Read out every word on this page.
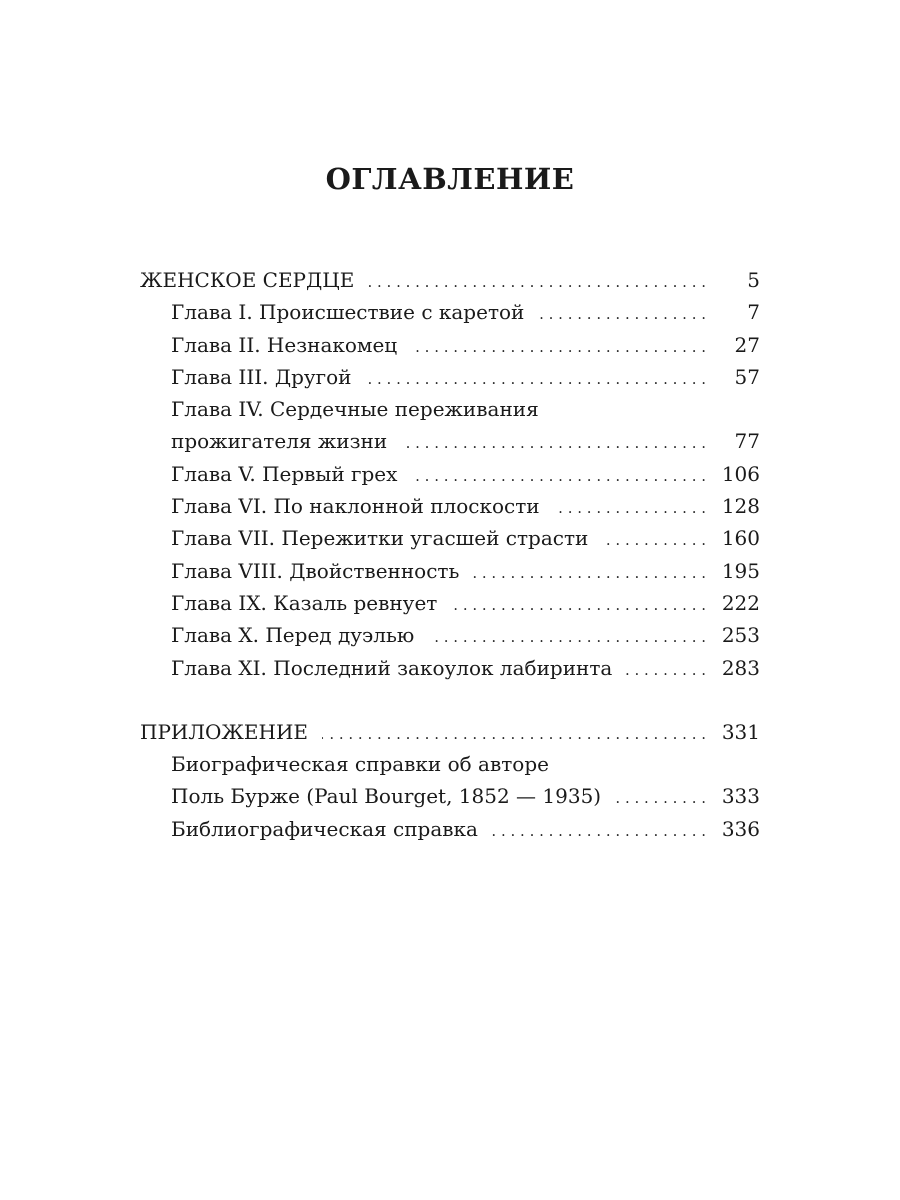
ОГЛАВЛЕНИЕ
ЖЕНСКОЕ СЕРДЦЕ . . .	5
Глава I. Происшествие с каретой . . .	7
Глава II. Незнакомец . . .	27
Глава III. Другой . . .	57
Глава IV. Сердечные переживания
прожигателя жизни . . .	77
Глава V. Первый грех . . .	106
Глава VI. По наклонной плоскости . . .	128
Глава VII. Пережитки угасшей страсти . . .	160
Глава VIII. Двойственность . . .	195
Глава IX. Казаль ревнует . . .	222
Глава X. Перед дуэлью . . .	253
Глава XI. Последний закоулок лабиринта . . .	283
ПРИЛОЖЕНИЕ . . .	331
Биографическая справки об авторе
Поль Бурже (Paul Bourget, 1852 — 1935) . . .	333
Библиографическая справка . . .	336
